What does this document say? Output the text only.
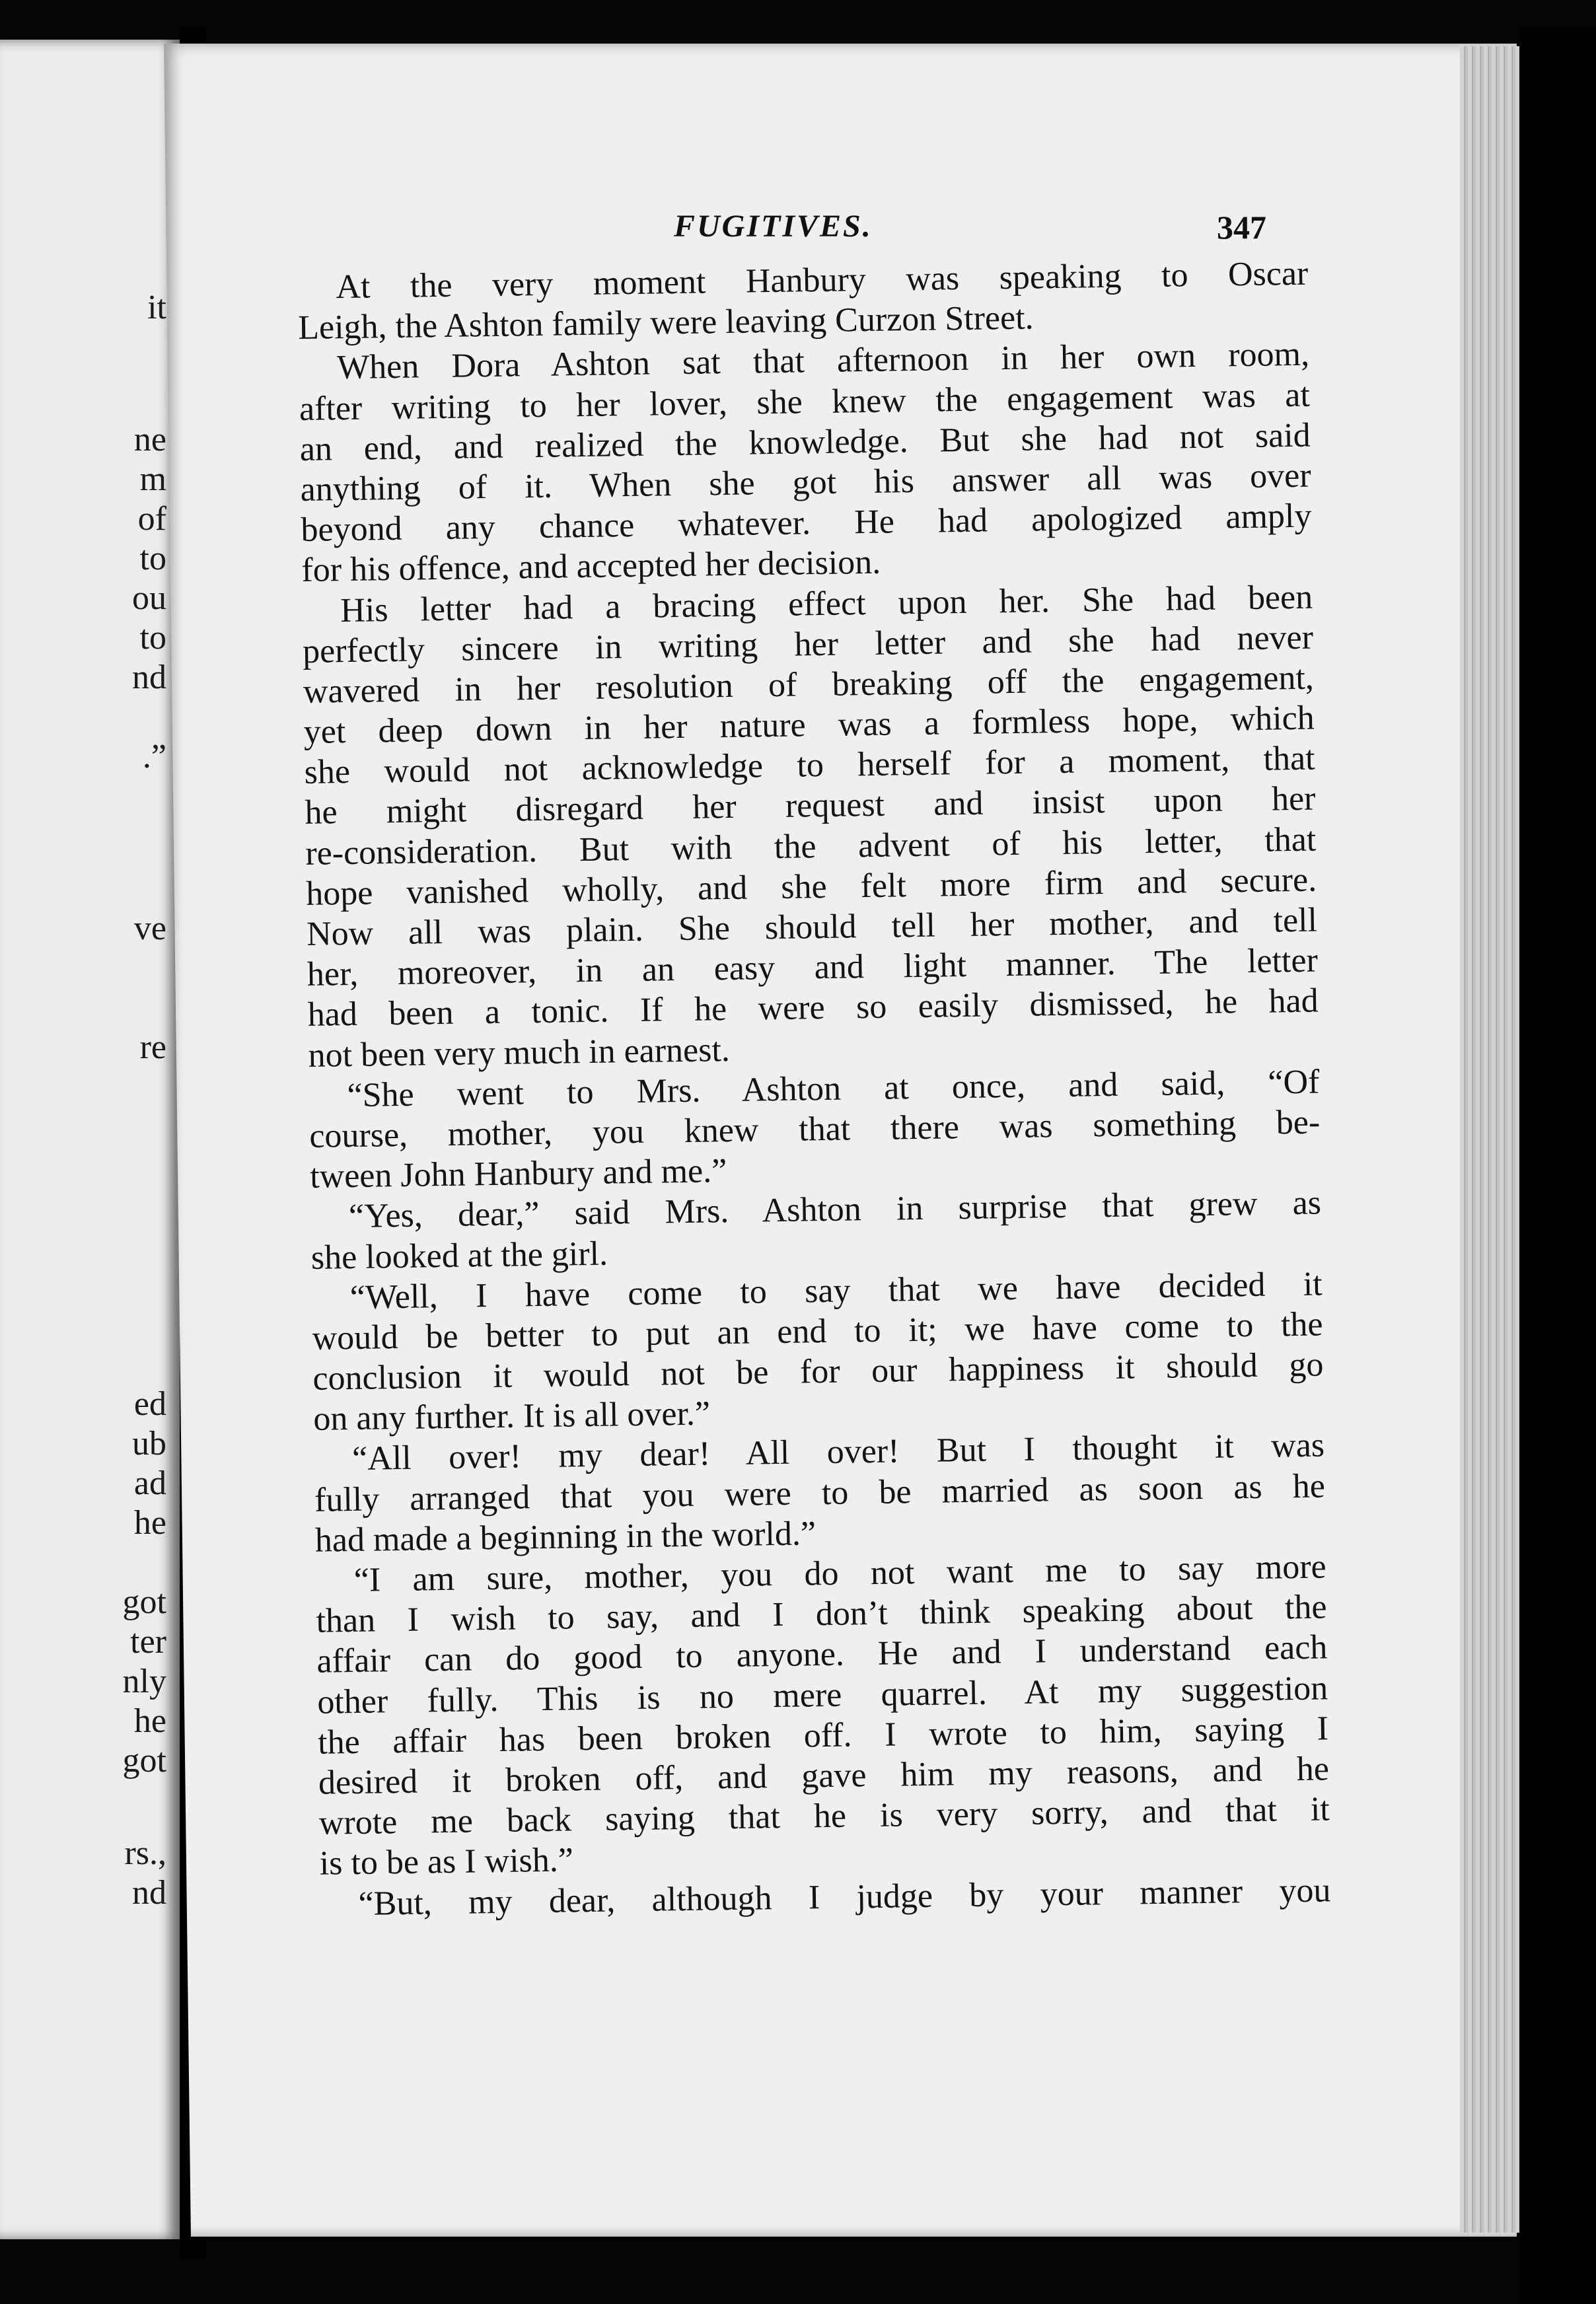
it
ne
m
of
to
ou
to
nd
.”
ve
re
ed
ub
ad
he
got
ter
nly
he
got
rs.,
nd
FUGITIVES.	347
At the very moment Hanbury was speaking to Oscar
Leigh, the Ashton family were leaving Curzon Street.
When Dora Ashton sat that afternoon in her own room,
after writing to her lover, she knew the engagement was at
an end, and realized the knowledge. But she had not said
anything of it. When she got his answer all was over
beyond any chance whatever. He had apologized amply
for his offence, and accepted her decision.
His letter had a bracing effect upon her. She had been
perfectly sincere in writing her letter and she had never
wavered in her resolution of breaking off the engagement,
yet deep down in her nature was a formless hope, which
she would not acknowledge to herself for a moment, that
he might disregard her request and insist upon her
re-consideration. But with the advent of his letter, that
hope vanished wholly, and she felt more firm and secure.
Now all was plain. She should tell her mother, and tell
her, moreover, in an easy and light manner. The letter
had been a tonic. If he were so easily dismissed, he had
not been very much in earnest.
“She went to Mrs. Ashton at once, and said, “Of
course, mother, you knew that there was something be-
tween John Hanbury and me.”
“Yes, dear,” said Mrs. Ashton in surprise that grew as
she looked at the girl.
“Well, I have come to say that we have decided it
would be better to put an end to it; we have come to the
conclusion it would not be for our happiness it should go
on any further. It is all over.”
“All over! my dear! All over! But I thought it was
fully arranged that you were to be married as soon as he
had made a beginning in the world.”
“I am sure, mother, you do not want me to say more
than I wish to say, and I don’t think speaking about the
affair can do good to anyone. He and I understand each
other fully. This is no mere quarrel. At my suggestion
the affair has been broken off. I wrote to him, saying I
desired it broken off, and gave him my reasons, and he
wrote me back saying that he is very sorry, and that it
is to be as I wish.”
“But, my dear, although I judge by your manner you
